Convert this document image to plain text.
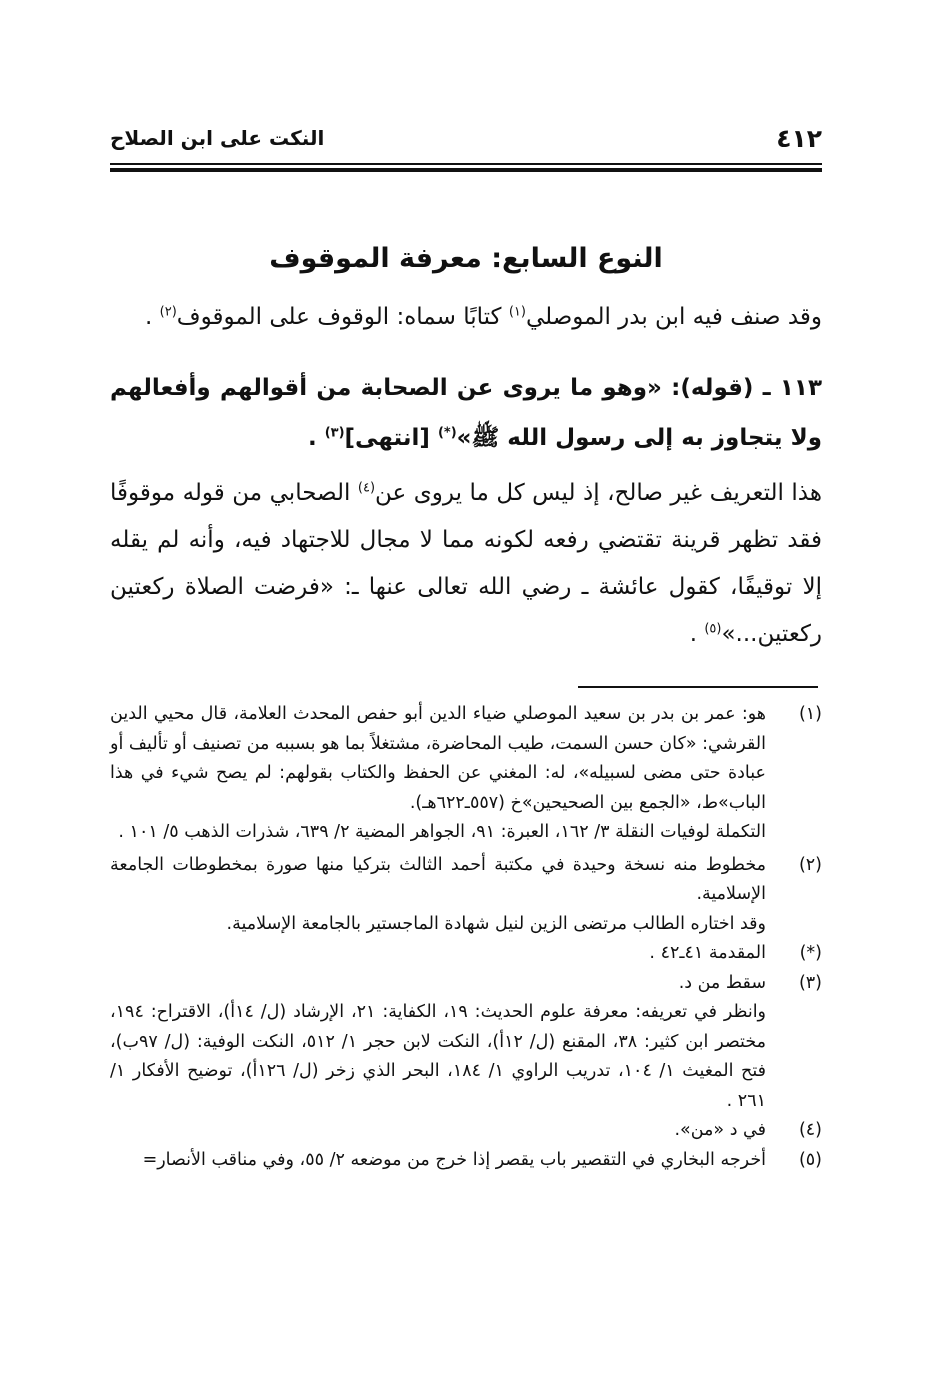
٤١٢
النكت على ابن الصلاح
النوع السابع: معرفة الموقوف
وقد صنف فيه ابن بدر الموصلي$^{(١)}$ كتابًا سماه: الوقوف على الموقوف$^{(٢)}$ .
١١٣ ـ (قوله): «وهو ما يروى عن الصحابة من أقوالهم وأفعالهم ولا يتجاوز به إلى رسول الله ﷺ»(*) [انتهى]$^{(٣)}$ .
هذا التعريف غير صالح، إذ ليس كل ما يروى عن$^{(٤)}$ الصحابي من قوله موقوفًا فقد تظهر قرينة تقتضي رفعه لكونه مما لا مجال للاجتهاد فيه، وأنه لم يقله إلا توقيفًا، كقول عائشة ـ رضي الله تعالى عنها ـ: «فرضت الصلاة ركعتين ركعتين...»$^{(٥)}$ .
(١)

هو: عمر بن بدر بن سعيد الموصلي ضياء الدين أبو حفص المحدث العلامة، قال محيي الدين القرشي: «كان حسن السمت، طيب المحاضرة، مشتغلاً بما هو بسببه من تصنيف أو تأليف أو عبادة حتى مضى لسبيله»، له: المغني عن الحفظ والكتاب بقولهم: لم يصح شيء في هذا الباب»ط، «الجمع بين الصحيحين»خ (٥٥٧ـ٦٢٢هـ).

التكملة لوفيات النقلة ٣/ ١٦٢، العبرة: ٩١، الجواهر المضية ٢/ ٦٣٩، شذرات الذهب ٥/ ١٠١ .

(٢)

مخطوط منه نسخة وحيدة في مكتبة أحمد الثالث بتركيا منها صورة بمخطوطات الجامعة الإسلامية.

وقد اختاره الطالب مرتضى الزين لنيل شهادة الماجستير بالجامعة الإسلامية.

(*)

المقدمة ٤١ـ٤٢ .

(٣)

سقط من د.

وانظر في تعريفه: معرفة علوم الحديث: ١٩، الكفاية: ٢١، الإرشاد (ل/ ١٤أ)، الاقتراح: ١٩٤، مختصر ابن كثير: ٣٨، المقنع (ل/ ١٢أ)، النكت لابن حجر ١/ ٥١٢، النكت الوفية: (ل/ ٩٧ب)، فتح المغيث ١/ ١٠٤، تدريب الراوي ١/ ١٨٤، البحر الذي زخر (ل/ ١٢٦أ)، توضيح الأفكار ١/ ٢٦١ .

(٤)

في د «من».

(٥)

أخرجه البخاري في التقصير باب يقصر إذا خرج من موضعه ٢/ ٥٥، وفي مناقب الأنصار=
